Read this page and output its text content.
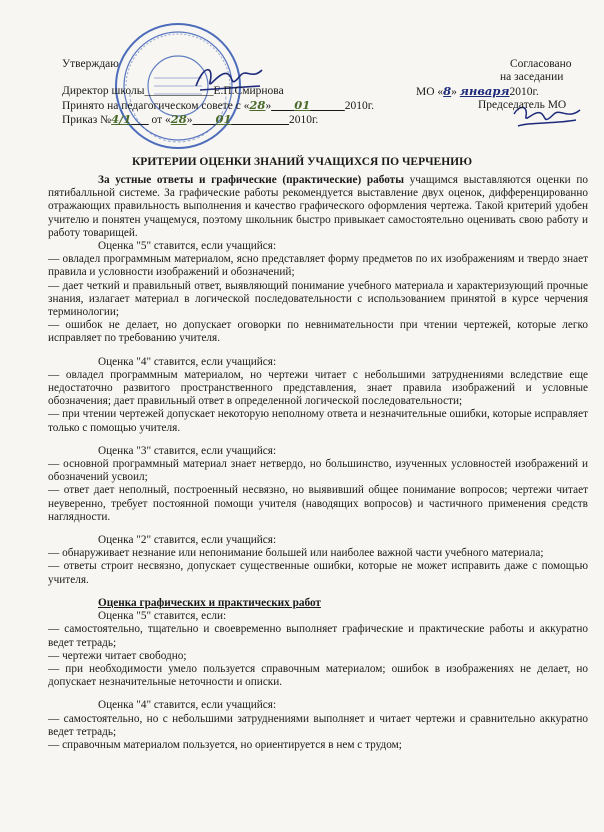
Утверждаю	Согласовано
на заседании
Директор школы____________Е.П.Смирнова	МО «8» января2010г.
Принято на педагогическом совете с «28»____01______2010г.	Председатель МО
Приказ №4/1___ от «28»____01__________2010г.
КРИТЕРИИ ОЦЕНКИ ЗНАНИЙ УЧАЩИХСЯ ПО ЧЕРЧЕНИЮ

За устные ответы и графические (практические) работы учащимся выставляются оценки по пятибалльной системе. За графические работы рекомендуется выставление двух оценок, дифференцированно отражающих правильность выполнения и качество графического оформления чертежа. Такой критерий удобен учителю и понятен учащемуся, поэтому школьник быстро привыкает самостоятельно оценивать свою работу и работу товарищей.

Оценка "5" ставится, если учащийся:

― овладел программным материалом, ясно представляет форму предметов по их изображениям и твердо знает правила и условности изображений и обозначений;

― дает четкий и правильный ответ, выявляющий понимание учебного материала и характеризующий прочные знания, излагает материал в логической последовательности с использованием принятой в курсе черчения терминологии;

― ошибок не делает, но допускает оговорки по невнимательности при чтении чертежей, которые легко исправляет по требованию учителя.

Оценка "4" ставится, если учащийся:

― овладел программным материалом, но чертежи читает с небольшими затруднениями вследствие еще недостаточно развитого пространственного представления, знает правила изображений и условные обозначения; дает правильный ответ в определенной логической последовательности;

― при чтении чертежей допускает некоторую неполному ответа и незначительные ошибки, которые исправляет только с помощью учителя.

Оценка "3" ставится, если учащийся:

― основной программный материал знает нетвердо, но большинство, изученных условностей изображений и обозначений усвоил;

― ответ дает неполный, построенный несвязно, но выявивший общее понимание вопросов; чертежи читает неуверенно, требует постоянной помощи учителя (наводящих вопросов) и частичного применения средств наглядности.

Оценка "2" ставится, если учащийся:

― обнаруживает незнание или непонимание большей или наиболее важной части учебного материала;

― ответы строит несвязно, допускает существенные ошибки, которые не может исправить даже с помощью учителя.

Оценка графических и практических работ

Оценка "5" ставится, если:

― самостоятельно, тщательно и своевременно выполняет графические и практические работы и аккуратно ведет тетрадь;

― чертежи читает свободно;

― при необходимости умело пользуется справочным материалом; ошибок в изображениях не делает, но допускает незначительные неточности и описки.

Оценка "4" ставится, если учащийся:

― самостоятельно, но с небольшими затруднениями выполняет и читает чертежи и сравнительно аккуратно ведет тетрадь;

― справочным материалом пользуется, но ориентируется в нем с трудом;
